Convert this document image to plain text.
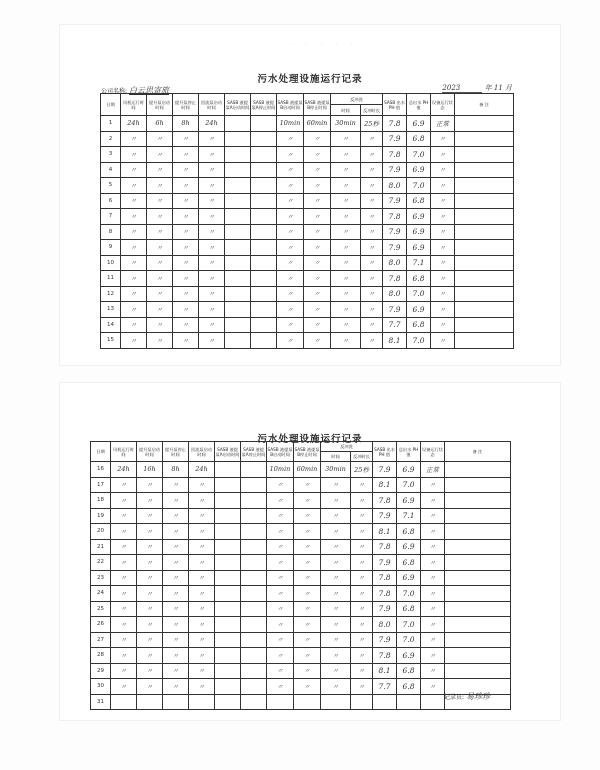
· · · · ·
污水处理设施运行记录
公司名称: 白云思寄旅	2023	年 11 月
日期	风机运行时间	提升泵启动时间	提升泵停止时间	回流泵启动时间	SASB 液提泵A启动时间	SASB 液提泵A停止时间	SASB 液提泵B启动时间	SASB 液提泵B停止时间	反冲洗		SASB 出水 PH 值	总出水 PH 值	设备运行状态	备 注
									时间	反冲时长				
1	24h	6h	8h	24h			10min	60min	30min	25秒	7.8	6.9	正常	
2	〃	〃	〃	〃			〃	〃	〃	〃	7.9	6.8	〃	
3	〃	〃	〃	〃			〃	〃	〃	〃	7.8	7.0	〃	
4	〃	〃	〃	〃			〃	〃	〃	〃	7.9	6.9	〃	
5	〃	〃	〃	〃			〃	〃	〃	〃	8.0	7.0	〃	
6	〃	〃	〃	〃			〃	〃	〃	〃	7.9	6.8	〃	
7	〃	〃	〃	〃			〃	〃	〃	〃	7.8	6.9	〃	
8	〃	〃	〃	〃			〃	〃	〃	〃	7.9	6.9	〃	
9	〃	〃	〃	〃			〃	〃	〃	〃	7.9	6.9	〃	
10	〃	〃	〃	〃			〃	〃	〃	〃	8.0	7.1	〃	
11	〃	〃	〃	〃			〃	〃	〃	〃	7.8	6.8	〃	
12	〃	〃	〃	〃			〃	〃	〃	〃	8.0	7.0	〃	
13	〃	〃	〃	〃			〃	〃	〃	〃	7.9	6.9	〃	
14	〃	〃	〃	〃			〃	〃	〃	〃	7.7	6.8	〃	
15	〃	〃	〃	〃			〃	〃	〃	〃	8.1	7.0	〃	
污水处理设施运行记录
日期	风机运行时间	提升泵启动时间	提升泵停止时间	回流泵启动时间	SASB 液提泵A启动时间	SASB 液提泵A停止时间	SASB 液提泵B启动时间	SASB 液提泵B停止时间	反冲洗		SASB 出水 PH 值	总出水 PH 值	设备运行状态	备 注
									时间	反冲时长				
16	24h	16h	8h	24h			10min	60min	30min	25秒	7.9	6.9	正常	
17	〃	〃	〃	〃			〃	〃	〃	〃	8.1	7.0	〃	
18	〃	〃	〃	〃			〃	〃	〃	〃	7.8	6.9	〃	
19	〃	〃	〃	〃			〃	〃	〃	〃	7.9	7.1	〃	
20	〃	〃	〃	〃			〃	〃	〃	〃	8.1	6.8	〃	
21	〃	〃	〃	〃			〃	〃	〃	〃	7.8	6.9	〃	
22	〃	〃	〃	〃			〃	〃	〃	〃	7.9	6.8	〃	
23	〃	〃	〃	〃			〃	〃	〃	〃	7.8	6.9	〃	
24	〃	〃	〃	〃			〃	〃	〃	〃	7.8	7.0	〃	
25	〃	〃	〃	〃			〃	〃	〃	〃	7.9	6.8	〃	
26	〃	〃	〃	〃			〃	〃	〃	〃	8.0	7.0	〃	
27	〃	〃	〃	〃			〃	〃	〃	〃	7.9	7.0	〃	
28	〃	〃	〃	〃			〃	〃	〃	〃	7.8	6.9	〃	
29	〃	〃	〃	〃			〃	〃	〃	〃	8.1	6.8	〃	
30	〃	〃	〃	〃			〃	〃	〃	〃	7.7	6.8	〃	
31														
记录员: 易珍珍
